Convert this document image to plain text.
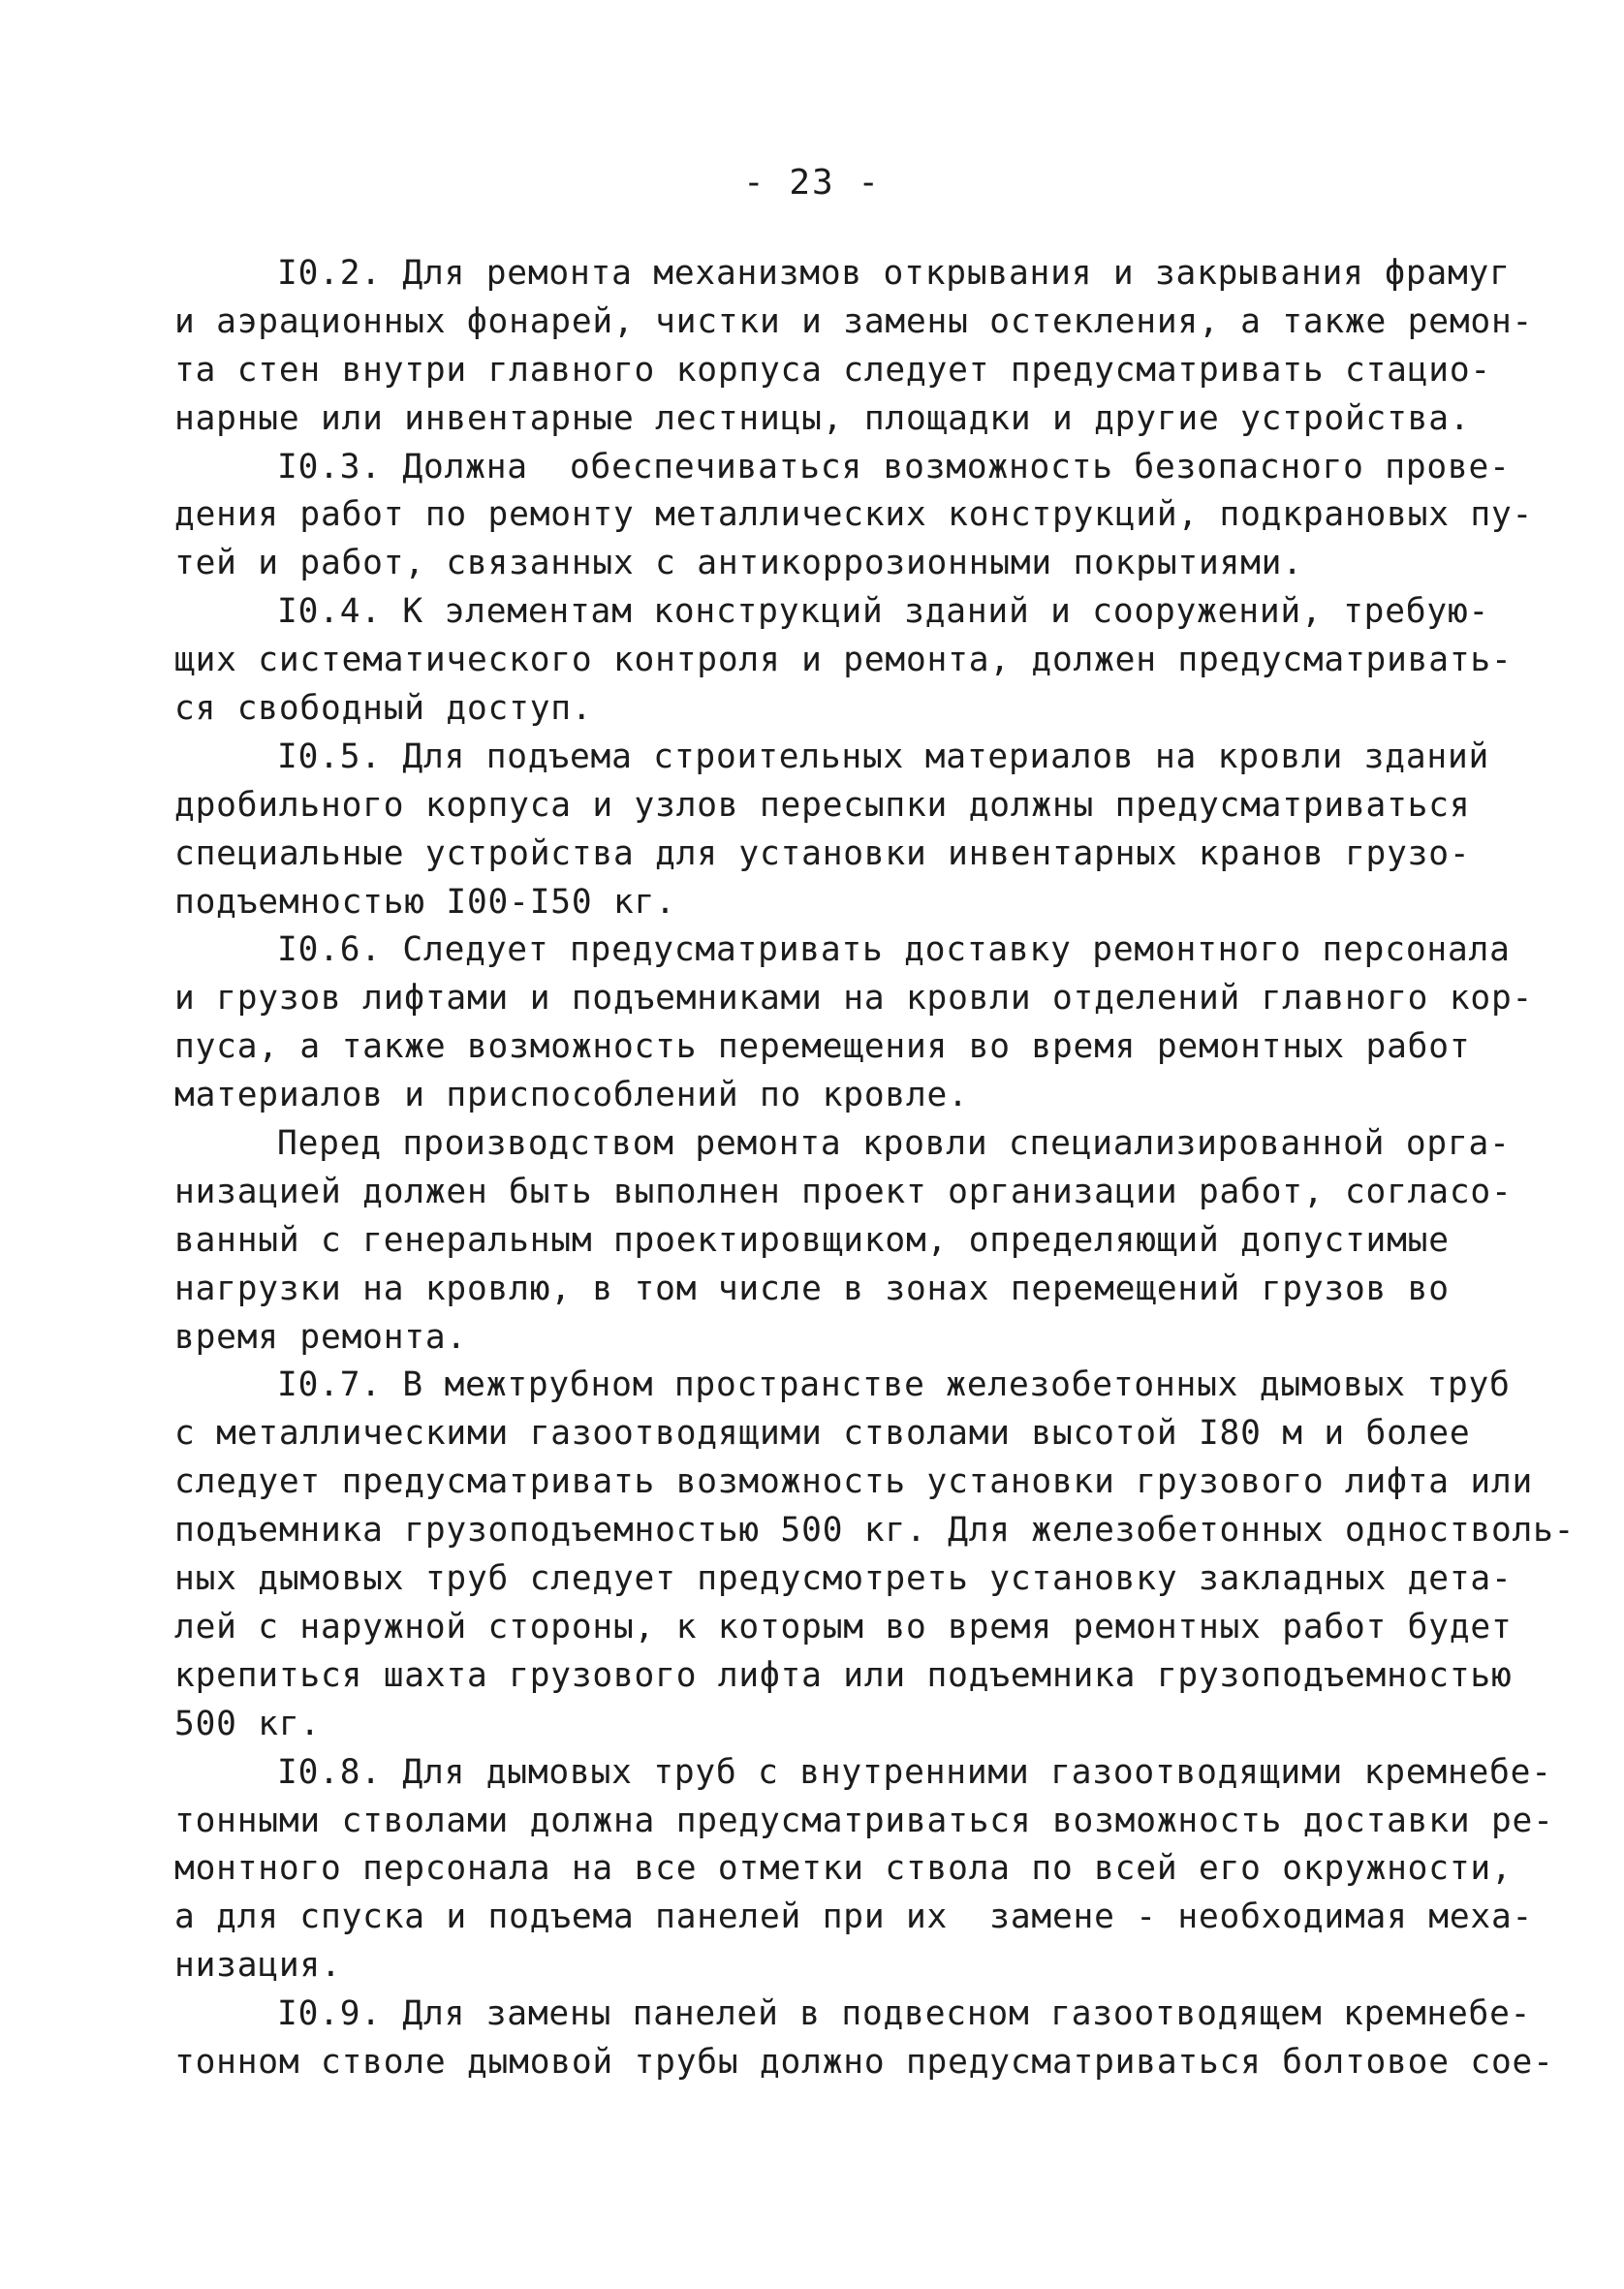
- 23 -
I0.2. Для ремонта механизмов открывания и закрывания фрамуг
и аэрационных фонарей, чистки и замены остекления, а также ремон-
та стен внутри главного корпуса следует предусматривать стацио-
нарные или инвентарные лестницы, площадки и другие устройства.
I0.3. Должна  обеспечиваться возможность безопасного прове-
дения работ по ремонту металлических конструкций, подкрановых пу-
тей и работ, связанных с антикоррозионными покрытиями.
I0.4. К элементам конструкций зданий и сооружений, требую-
щих систематического контроля и ремонта, должен предусматривать-
ся свободный доступ.
I0.5. Для подъема строительных материалов на кровли зданий
дробильного корпуса и узлов пересыпки должны предусматриваться
специальные устройства для установки инвентарных кранов грузо-
подъемностью I00-I50 кг.
I0.6. Следует предусматривать доставку ремонтного персонала
и грузов лифтами и подъемниками на кровли отделений главного кор-
пуса, а также возможность перемещения во время ремонтных работ
материалов и приспособлений по кровле.
Перед производством ремонта кровли специализированной орга-
низацией должен быть выполнен проект организации работ, согласо-
ванный с генеральным проектировщиком, определяющий допустимые
нагрузки на кровлю, в том числе в зонах перемещений грузов во
время ремонта.
I0.7. В межтрубном пространстве железобетонных дымовых труб
с металлическими газоотводящими стволами высотой I80 м и более
следует предусматривать возможность установки грузового лифта или
подъемника грузоподъемностью 500 кг. Для железобетонных одностволь-
ных дымовых труб следует предусмотреть установку закладных дета-
лей с наружной стороны, к которым во время ремонтных работ будет
крепиться шахта грузового лифта или подъемника грузоподъемностью
500 кг.
I0.8. Для дымовых труб с внутренними газоотводящими кремнебе-
тонными стволами должна предусматриваться возможность доставки ре-
монтного персонала на все отметки ствола по всей его окружности,
а для спуска и подъема панелей при их  замене - необходимая меха-
низация.
I0.9. Для замены панелей в подвесном газоотводящем кремнебе-
тонном стволе дымовой трубы должно предусматриваться болтовое сое-
